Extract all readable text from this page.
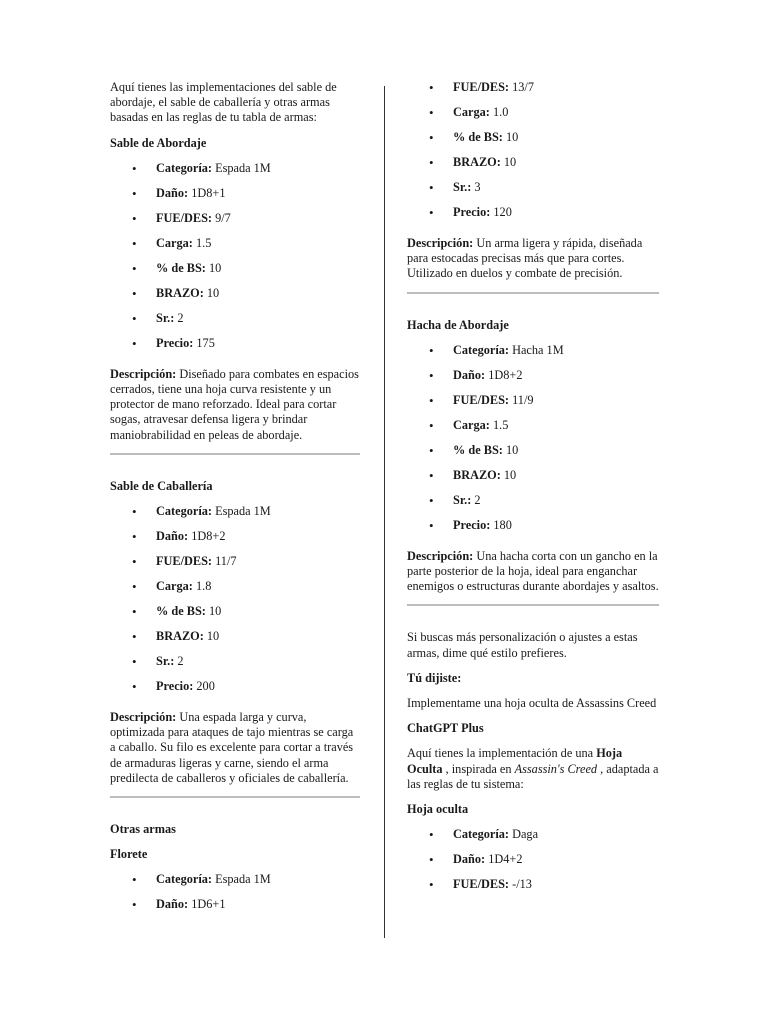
Aquí tienes las implementaciones del sable de abordaje, el sable de caballería y otras armas basadas en las reglas de tu tabla de armas:

Sable de Abordaje
• Categoría: Espada 1M
• Daño: 1D8+1
• FUE/DES: 9/7
• Carga: 1.5
• % de BS: 10
• BRAZO: 10
• Sr.: 2
• Precio: 175

Descripción: Diseñado para combates en espacios cerrados, tiene una hoja curva resistente y un protector de mano reforzado. Ideal para cortar sogas, atravesar defensa ligera y brindar maniobrabilidad en peleas de abordaje.

Sable de Caballería
• Categoría: Espada 1M
• Daño: 1D8+2
• FUE/DES: 11/7
• Carga: 1.8
• % de BS: 10
• BRAZO: 10
• Sr.: 2
• Precio: 200

Descripción: Una espada larga y curva, optimizada para ataques de tajo mientras se carga a caballo. Su filo es excelente para cortar a través de armaduras ligeras y carne, siendo el arma predilecta de caballeros y oficiales de caballería.

Otras armas
Florete
• Categoría: Espada 1M
• Daño: 1D6+1
• FUE/DES: 13/7
• Carga: 1.0
• % de BS: 10
• BRAZO: 10
• Sr.: 3
• Precio: 120

Descripción: Un arma ligera y rápida, diseñada para estocadas precisas más que para cortes. Utilizado en duelos y combate de precisión.

Hacha de Abordaje
• Categoría: Hacha 1M
• Daño: 1D8+2
• FUE/DES: 11/9
• Carga: 1.5
• % de BS: 10
• BRAZO: 10
• Sr.: 2
• Precio: 180

Descripción: Una hacha corta con un gancho en la parte posterior de la hoja, ideal para enganchar enemigos o estructuras durante abordajes y asaltos.

Si buscas más personalización o ajustes a estas armas, dime qué estilo prefieres.

Tú dijiste:

Implementame una hoja oculta de Assassins Creed

ChatGPT Plus

Aquí tienes la implementación de una Hoja Oculta , inspirada en Assassin's Creed , adaptada a las reglas de tu sistema:

Hoja oculta
• Categoría: Daga
• Daño: 1D4+2
• FUE/DES: -/13
